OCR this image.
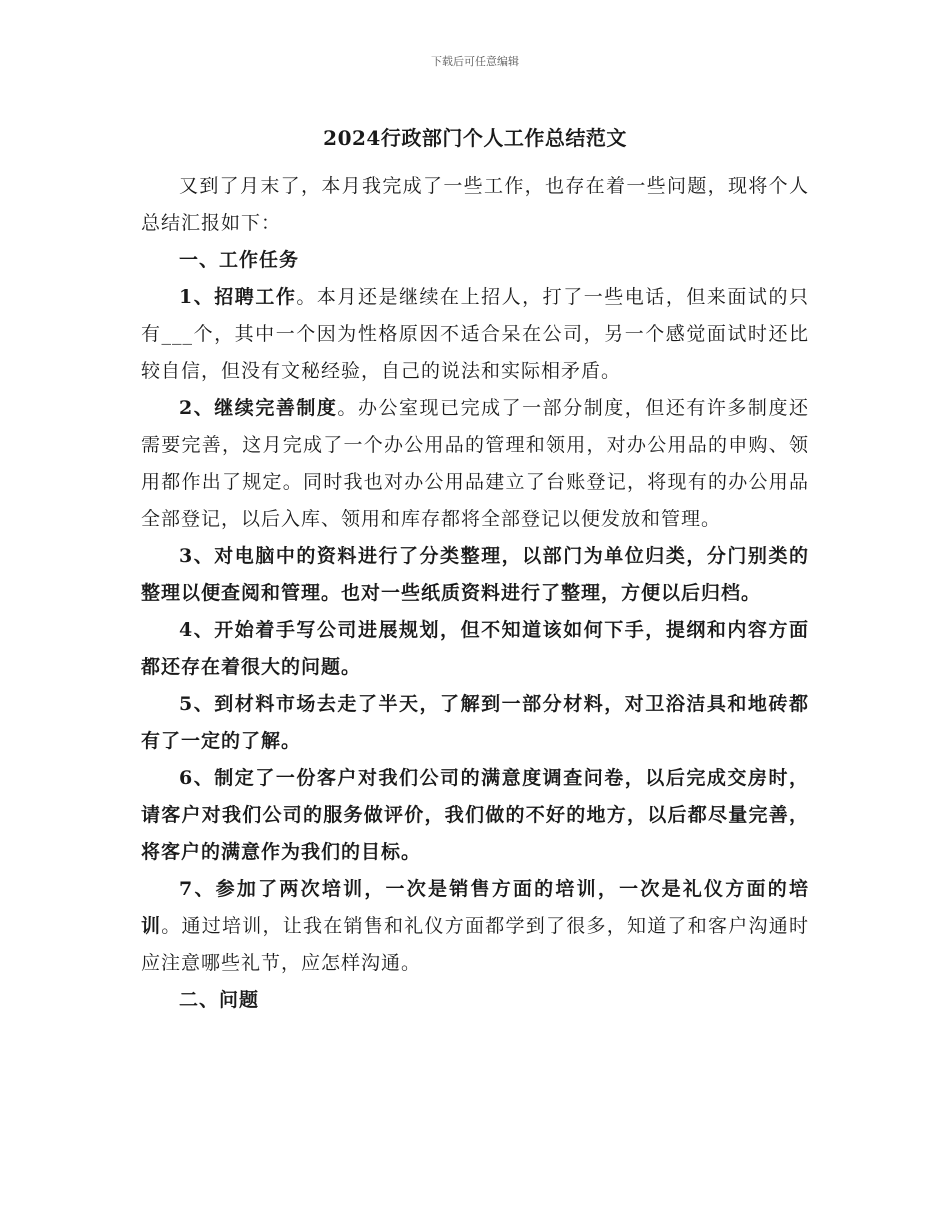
下载后可任意编辑
2024行政部门个人工作总结范文

又到了月末了，本月我完成了一些工作，也存在着一些问题，现将个人总结汇报如下：

一、工作任务

1、招聘工作。本月还是继续在上招人，打了一些电话，但来面试的只有___个，其中一个因为性格原因不适合呆在公司，另一个感觉面试时还比较自信，但没有文秘经验，自己的说法和实际相矛盾。

2、继续完善制度。办公室现已完成了一部分制度，但还有许多制度还需要完善，这月完成了一个办公用品的管理和领用，对办公用品的申购、领用都作出了规定。同时我也对办公用品建立了台账登记，将现有的办公用品全部登记，以后入库、领用和库存都将全部登记以便发放和管理。

3、对电脑中的资料进行了分类整理，以部门为单位归类，分门别类的整理以便查阅和管理。也对一些纸质资料进行了整理，方便以后归档。

4、开始着手写公司进展规划，但不知道该如何下手，提纲和内容方面都还存在着很大的问题。

5、到材料市场去走了半天，了解到一部分材料，对卫浴洁具和地砖都有了一定的了解。

6、制定了一份客户对我们公司的满意度调查问卷，以后完成交房时，请客户对我们公司的服务做评价，我们做的不好的地方，以后都尽量完善，将客户的满意作为我们的目标。

7、参加了两次培训，一次是销售方面的培训，一次是礼仪方面的培训。通过培训，让我在销售和礼仪方面都学到了很多，知道了和客户沟通时应注意哪些礼节，应怎样沟通。

二、问题
